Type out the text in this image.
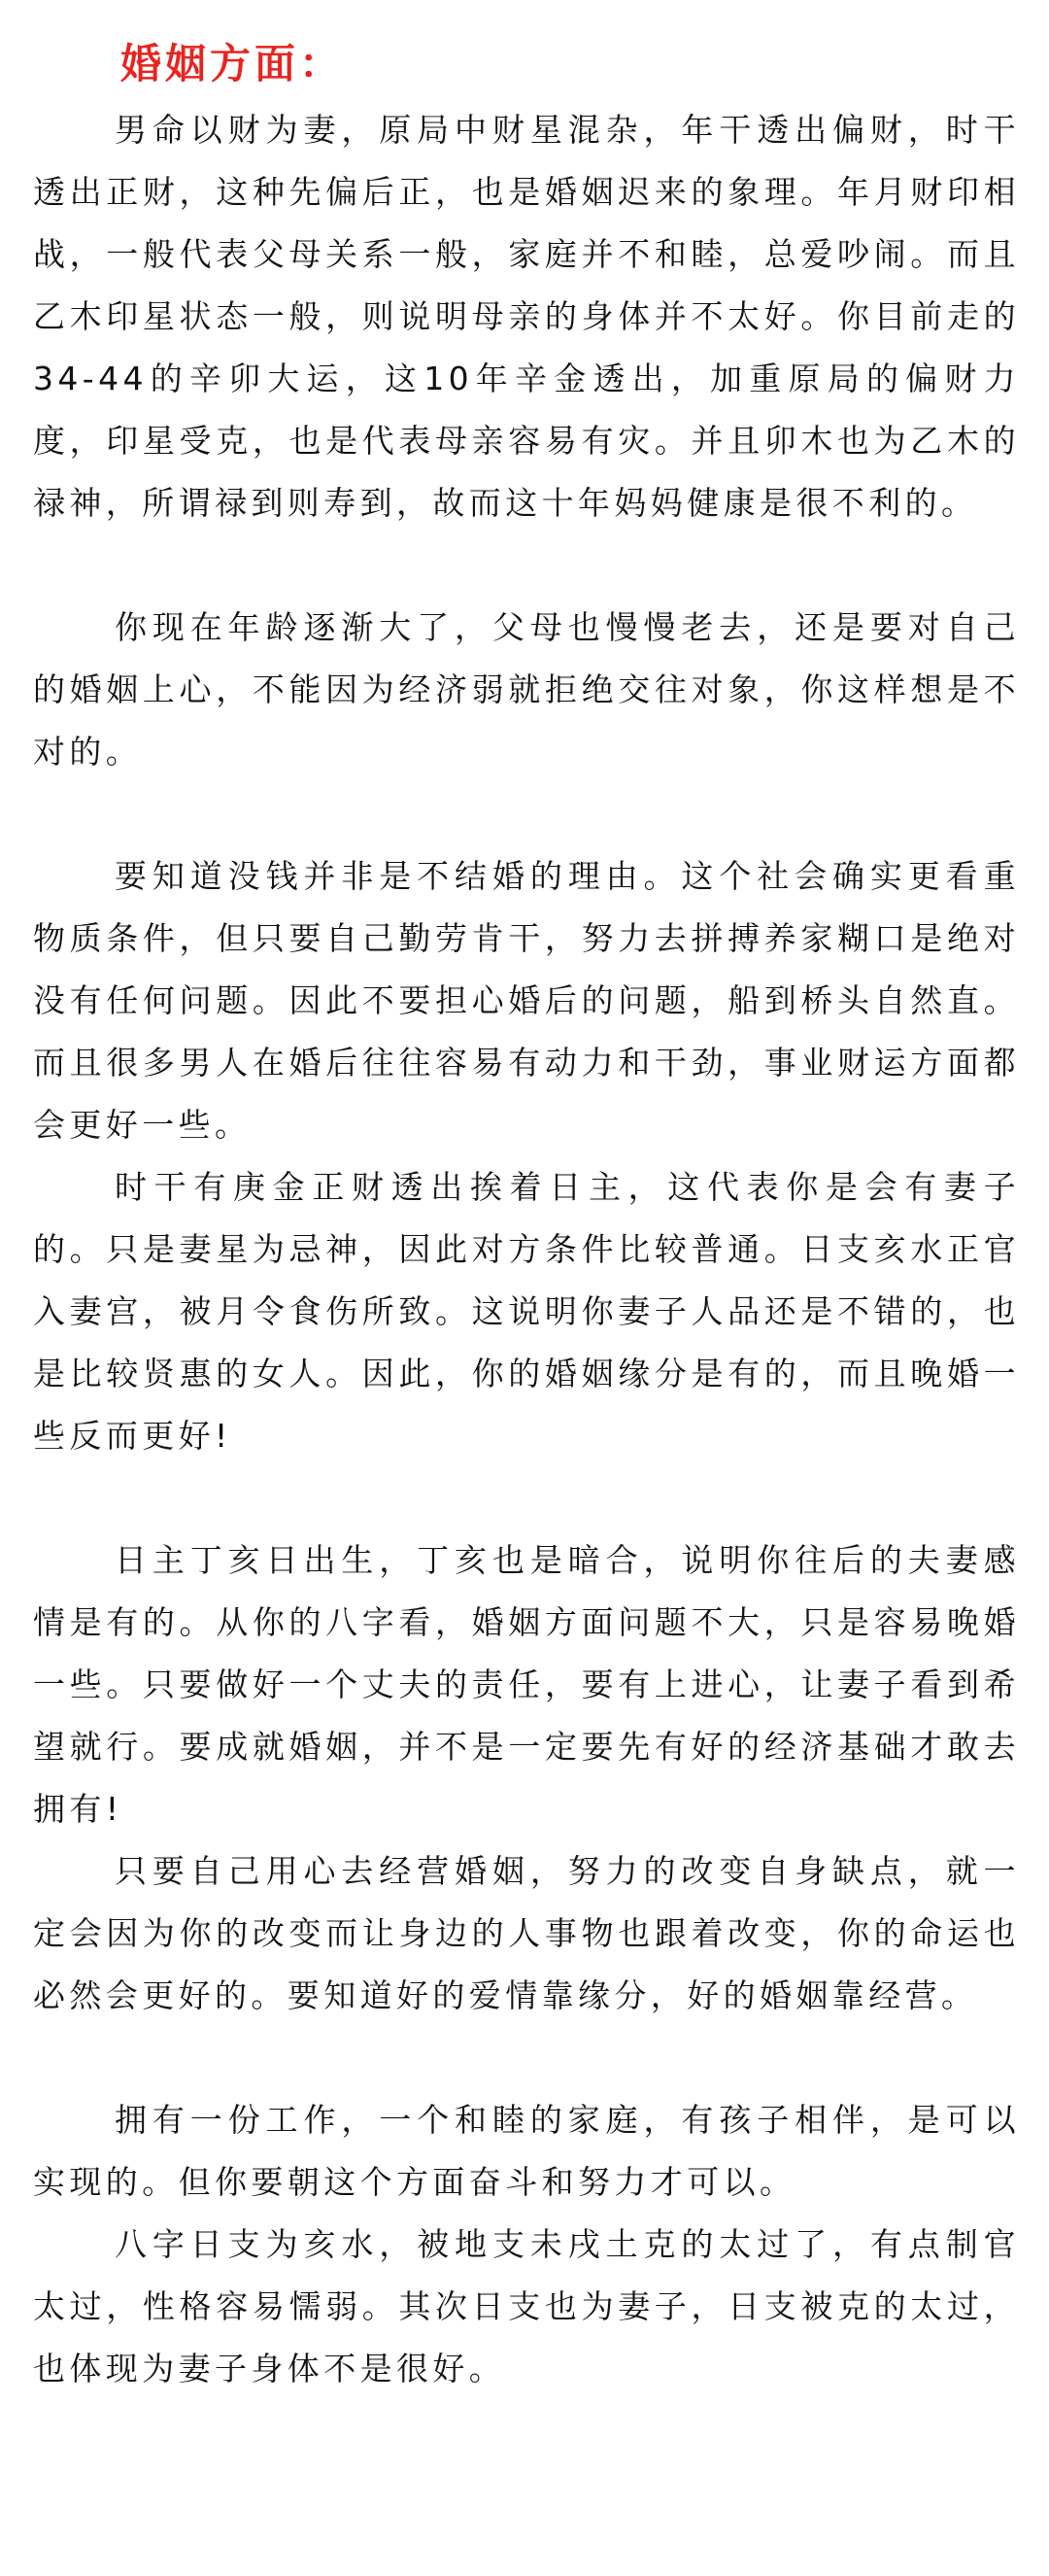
婚姻方面：

男命以财为妻，原局中财星混杂，年干透出偏财，时干透出正财，这种先偏后正，也是婚姻迟来的象理。年月财印相战，一般代表父母关系一般，家庭并不和睦，总爱吵闹。而且乙木印星状态一般，则说明母亲的身体并不太好。你目前走的34-44的辛卯大运，这10年辛金透出，加重原局的偏财力度，印星受克，也是代表母亲容易有灾。并且卯木也为乙木的禄神，所谓禄到则寿到，故而这十年妈妈健康是很不利的。

你现在年龄逐渐大了，父母也慢慢老去，还是要对自己的婚姻上心，不能因为经济弱就拒绝交往对象，你这样想是不对的。

要知道没钱并非是不结婚的理由。这个社会确实更看重物质条件，但只要自己勤劳肯干，努力去拼搏养家糊口是绝对没有任何问题。因此不要担心婚后的问题，船到桥头自然直。而且很多男人在婚后往往容易有动力和干劲，事业财运方面都会更好一些。

时干有庚金正财透出挨着日主，这代表你是会有妻子的。只是妻星为忌神，因此对方条件比较普通。日支亥水正官入妻宫，被月令食伤所致。这说明你妻子人品还是不错的，也是比较贤惠的女人。因此，你的婚姻缘分是有的，而且晚婚一些反而更好!

日主丁亥日出生，丁亥也是暗合，说明你往后的夫妻感情是有的。从你的八字看，婚姻方面问题不大，只是容易晚婚一些。只要做好一个丈夫的责任，要有上进心，让妻子看到希望就行。要成就婚姻，并不是一定要先有好的经济基础才敢去拥有!

只要自己用心去经营婚姻，努力的改变自身缺点，就一定会因为你的改变而让身边的人事物也跟着改变，你的命运也必然会更好的。要知道好的爱情靠缘分，好的婚姻靠经营。

拥有一份工作，一个和睦的家庭，有孩子相伴，是可以实现的。但你要朝这个方面奋斗和努力才可以。

八字日支为亥水，被地支未戌土克的太过了，有点制官太过，性格容易懦弱。其次日支也为妻子，日支被克的太过，也体现为妻子身体不是很好。
